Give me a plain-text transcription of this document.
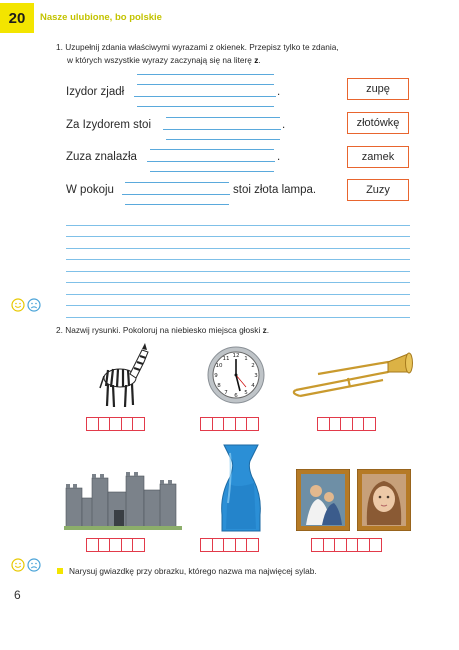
20	Nasze ulubione, bo polskie
1. Uzupełnij zdania właściwymi wyrazami z okienek. Przepisz tylko te zdania,
w których wszystkie wyrazy zaczynają się na literę z.
Izydor zjadł	.
Za Izydorem stoi	.
Zuza znalazła	.
W pokoju	stoi złota lampa.
zupę
złotówkę
zamek
Zuzy
2. Nazwij rysunki. Pokoloruj na niebiesko miejsca głoski z.
12 1
2
3
4
5
6
7
8
9
10
11
Narysuj gwiazdkę przy obrazku, którego nazwa ma najwięcej sylab.
6
